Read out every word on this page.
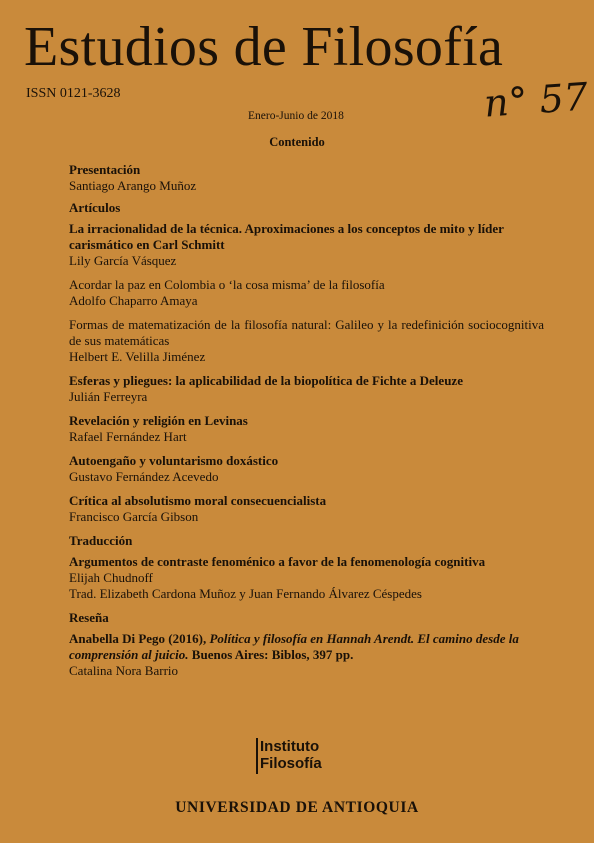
Estudios de Filosofía
ISSN 0121-3628	n° 57
Enero-Junio de 2018
Contenido
Presentación
Santiago Arango Muñoz
Artículos
La irracionalidad de la técnica. Aproximaciones a los conceptos de mito y líder carismático en Carl Schmitt
Lily García Vásquez
Acordar la paz en Colombia o ‘la cosa misma’ de la filosofía
Adolfo Chaparro Amaya
Formas de matematización de la filosofía natural: Galileo y la redefinición sociocognitiva de sus matemáticas
Helbert E. Velilla Jiménez
Esferas y pliegues: la aplicabilidad de la biopolítica de Fichte a Deleuze
Julián Ferreyra
Revelación y religión en Levinas
Rafael Fernández Hart
Autoengaño y voluntarismo doxástico
Gustavo Fernández Acevedo
Crítica al absolutismo moral consecuencialista
Francisco García Gibson
Traducción
Argumentos de contraste fenoménico a favor de la fenomenología cognitiva
Elijah Chudnoff
Trad. Elizabeth Cardona Muñoz y Juan Fernando Álvarez Céspedes
Reseña
Anabella Di Pego (2016), Política y filosofía en Hannah Arendt. El camino desde la comprensión al juicio. Buenos Aires: Biblos, 397 pp.
Catalina Nora Barrio
Instituto
Filosofía
UNIVERSIDAD DE ANTIOQUIA
